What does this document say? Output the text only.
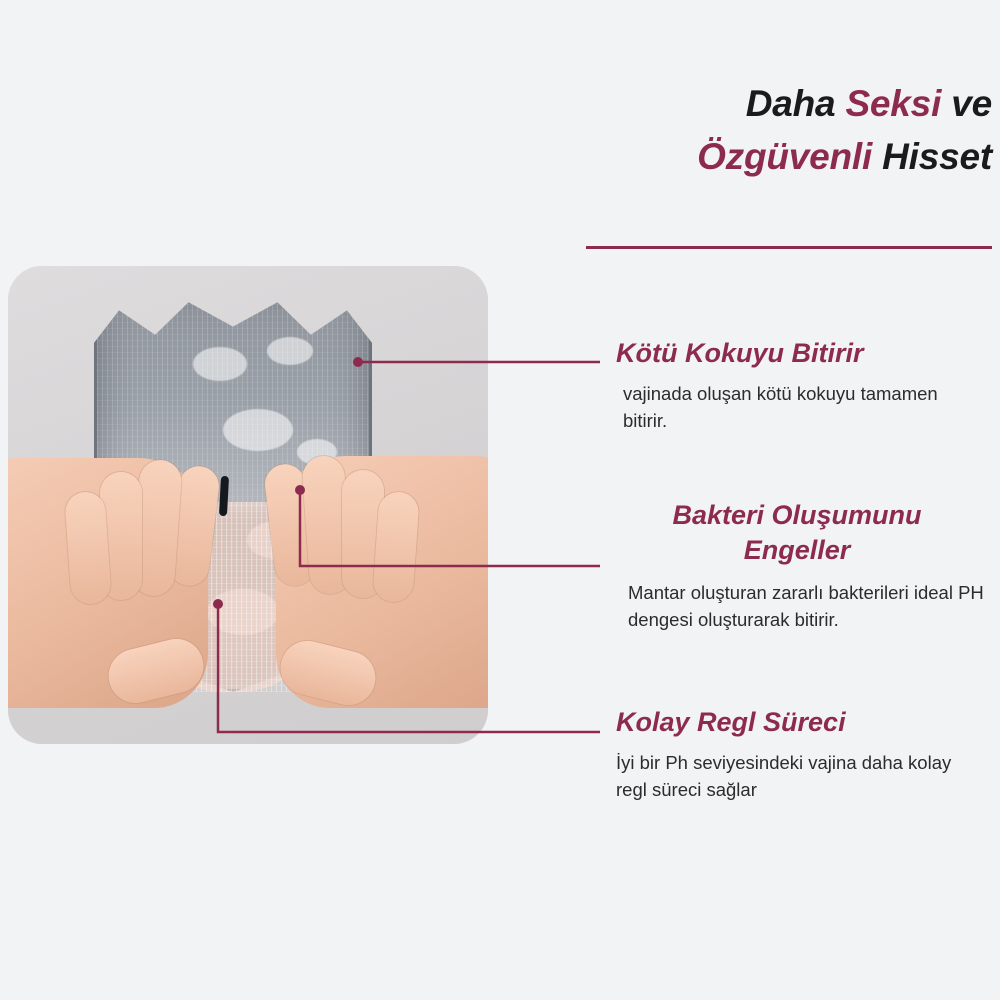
Daha Seksi ve
Özgüvenli Hisset
Kötü Kokuyu Bitirir
vajinada oluşan kötü kokuyu tamamen bitirir.
Bakteri Oluşumunu
Engeller
Mantar oluşturan zararlı bakterileri ideal PH dengesi oluşturarak bitirir.
Kolay Regl Süreci
İyi bir Ph seviyesindeki vajina daha kolay regl süreci sağlar
